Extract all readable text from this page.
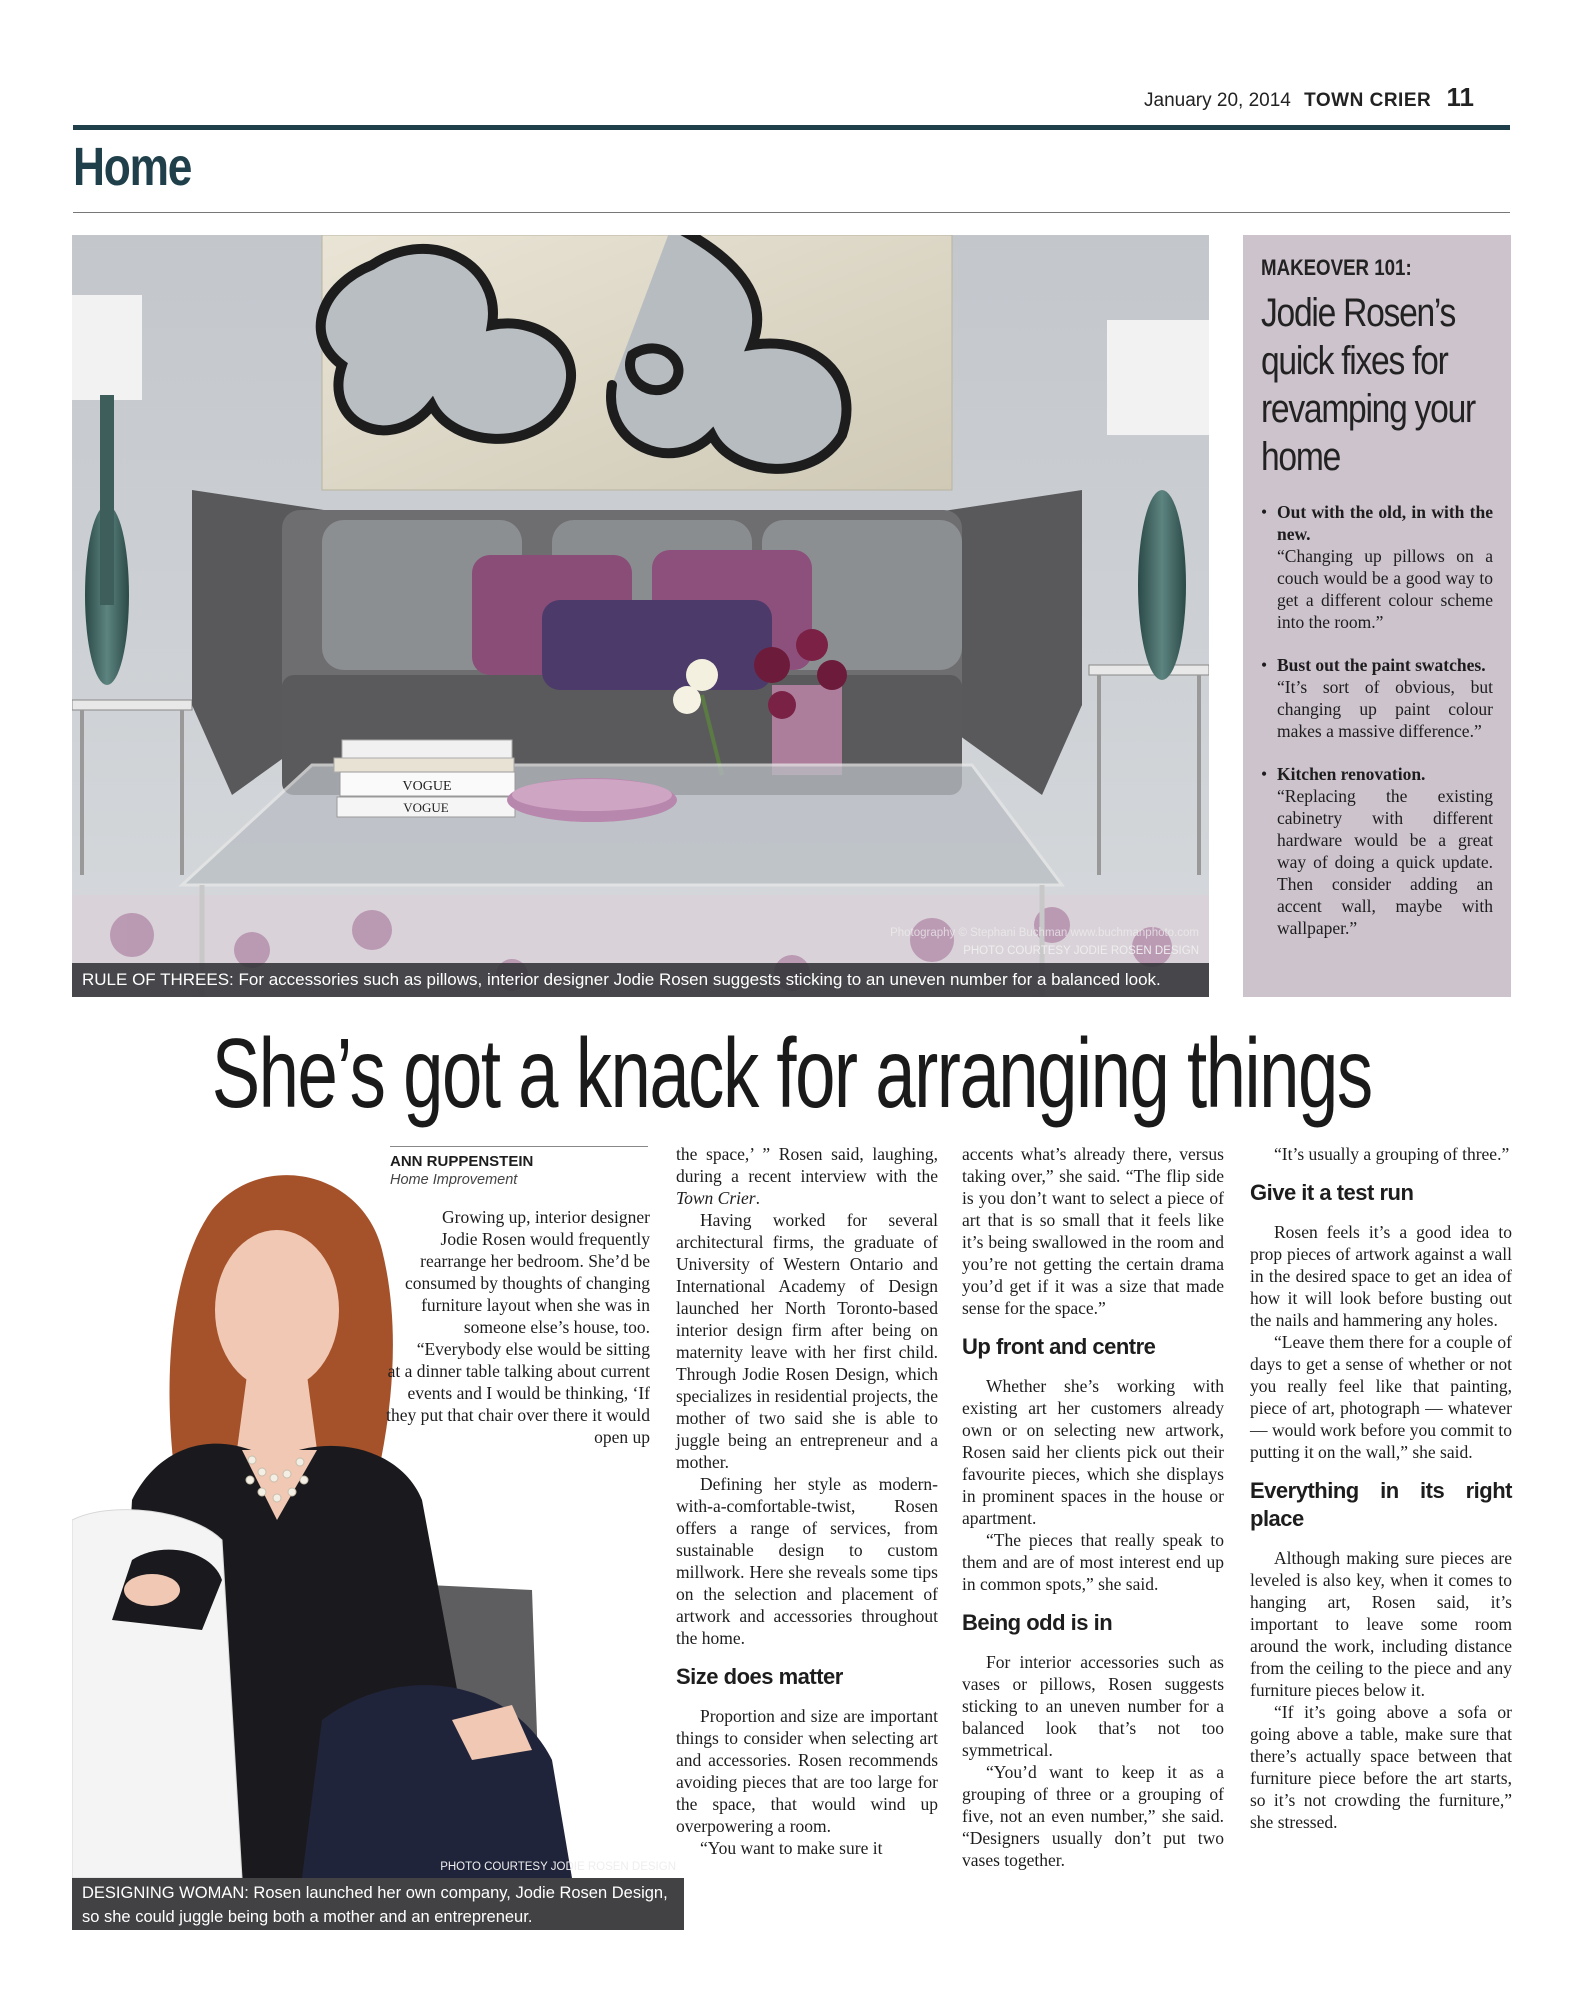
January 20, 2014 TOWN CRIER 11
Home
VOGUE
VOGUE
Photography © Stephani Buchman www.buchmanphoto.com
PHOTO COURTESY JODIE ROSEN DESIGN
RULE OF THREES: For accessories such as pillows, interior designer Jodie Rosen suggests sticking to an uneven number for a balanced look.
MAKEOVER 101:
Jodie Rosen’s quick fixes for revamping your home
• Out with the old, in with the new.
“Changing up pillows on a couch would be a good way to get a different colour scheme into the room.”
• Bust out the paint swatches.
“It’s sort of obvious, but changing up paint colour makes a massive difference.”
• Kitchen renovation.
“Replacing the existing cabinetry with different hardware would be a great way of doing a quick update. Then consider adding an accent wall, maybe with wallpaper.”
She’s got a knack for arranging things
PHOTO COURTESY JODIE ROSEN DESIGN
DESIGNING WOMAN: Rosen launched her own company, Jodie Rosen Design, so she could juggle being both a mother and an entrepreneur.
ANN RUPPENSTEIN
Home Improvement

Growing up, interior designer Jodie Rosen would frequently rearrange her bedroom. She’d be consumed by thoughts of changing furniture layout when she was in someone else’s house, too.

“Everybody else would be sitting at a dinner table talking about current events and I would be thinking, ‘If they put that chair over there it would open up

the space,’ ” Rosen said, laughing, during a recent interview with the Town Crier.

Having worked for several architectural firms, the graduate of University of Western Ontario and International Academy of Design launched her North Toronto-based interior design firm after being on maternity leave with her first child. Through Jodie Rosen Design, which specializes in residential projects, the mother of two said she is able to juggle being an entrepreneur and a mother.

Defining her style as modern-with-a-comfortable-twist, Rosen offers a range of services, from sustainable design to custom millwork. Here she reveals some tips on the selection and placement of artwork and accessories throughout the home.

Size does matter

Proportion and size are important things to consider when selecting art and accessories. Rosen recommends avoiding pieces that are too large for the space, that would wind up overpowering a room.

“You want to make sure it

accents what’s already there, versus taking over,” she said. “The flip side is you don’t want to select a piece of art that is so small that it feels like it’s being swallowed in the room and you’re not getting the certain drama you’d get if it was a size that made sense for the space.”

Up front and centre

Whether she’s working with existing art her customers already own or on selecting new artwork, Rosen said her clients pick out their favourite pieces, which she displays in prominent spaces in the house or apartment.

“The pieces that really speak to them and are of most interest end up in common spots,” she said.

Being odd is in

For interior accessories such as vases or pillows, Rosen suggests sticking to an uneven number for a balanced look that’s not too symmetrical.

“You’d want to keep it as a grouping of three or a grouping of five, not an even number,” she said. “Designers usually don’t put two vases together.

“It’s usually a grouping of three.”

Give it a test run

Rosen feels it’s a good idea to prop pieces of artwork against a wall in the desired space to get an idea of how it will look before busting out the nails and hammering any holes.

“Leave them there for a couple of days to get a sense of whether or not you really feel like that painting, piece of art, photograph — whatever — would work before you commit to putting it on the wall,” she said.

Everything in its right place

Although making sure pieces are leveled is also key, when it comes to hanging art, Rosen said, it’s important to leave some room around the work, including distance from the ceiling to the piece and any furniture pieces below it.

“If it’s going above a sofa or going above a table, make sure that there’s actually space between that furniture piece before the art starts, so it’s not crowding the furniture,” she stressed.
